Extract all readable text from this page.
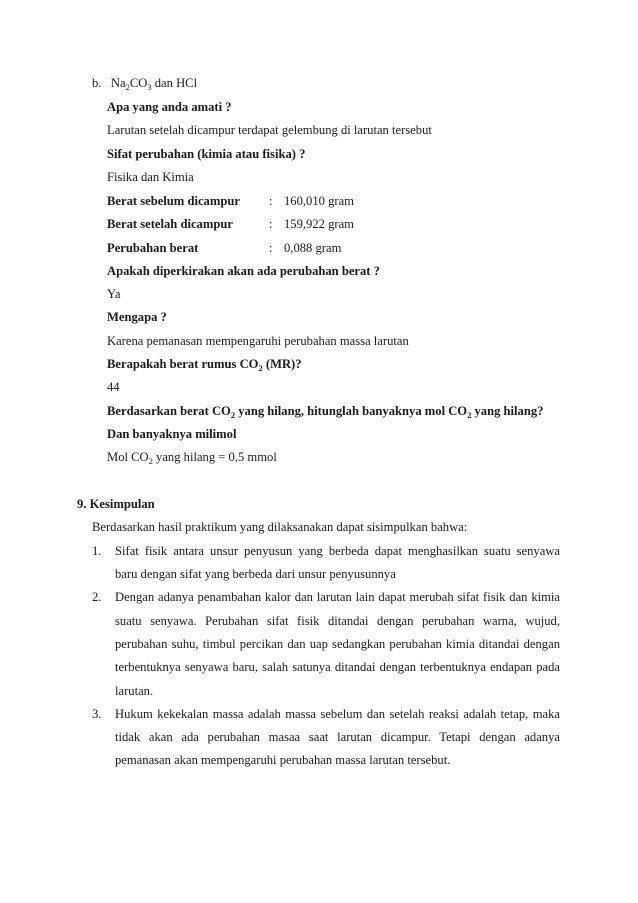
b. $Na_2CO_3$ dan HCl
Apa yang anda amati ?
Larutan setelah dicampur terdapat gelembung di larutan tersebut
Sifat perubahan (kimia atau fisika) ?
Fisika dan Kimia
Berat sebelum dicampur : 160,010 gram
Berat setelah dicampur	: 159,922 gram
Perubahan berat	: 0,088 gram
Apakah diperkirakan akan ada perubahan berat ?
Ya
Mengapa ?
Karena pemanasan mempengaruhi perubahan massa larutan
Berapakah berat rumus $CO_2$ (MR)?
44
Berdasarkan berat $CO_2$ yang hilang, hitunglah banyaknya mol $CO_2$ yang hilang?
Dan banyaknya milimol
Mol $CO_2$ yang hilang = 0,5 mmol
9. Kesimpulan
Berdasarkan hasil praktikum yang dilaksanakan dapat sisimpulkan bahwa:
1. Sifat fisik antara unsur penyusun yang berbeda dapat menghasilkan suatu senyawa
baru dengan sifat yang berbeda dari unsur penyusunnya
2. Dengan adanya penambahan kalor dan larutan lain dapat merubah sifat fisik dan kimia
suatu senyawa. Perubahan sifat fisik ditandai dengan perubahan warna, wujud,
perubahan suhu, timbul percikan dan uap sedangkan perubahan kimia ditandai dengan
terbentuknya senyawa baru, salah satunya ditandai dengan terbentuknya endapan pada
larutan.
3. Hukum kekekalan massa adalah massa sebelum dan setelah reaksi adalah tetap, maka
tidak akan ada perubahan masaa saat larutan dicampur. Tetapi dengan adanya
pemanasan akan mempengaruhi perubahan massa larutan tersebut.
